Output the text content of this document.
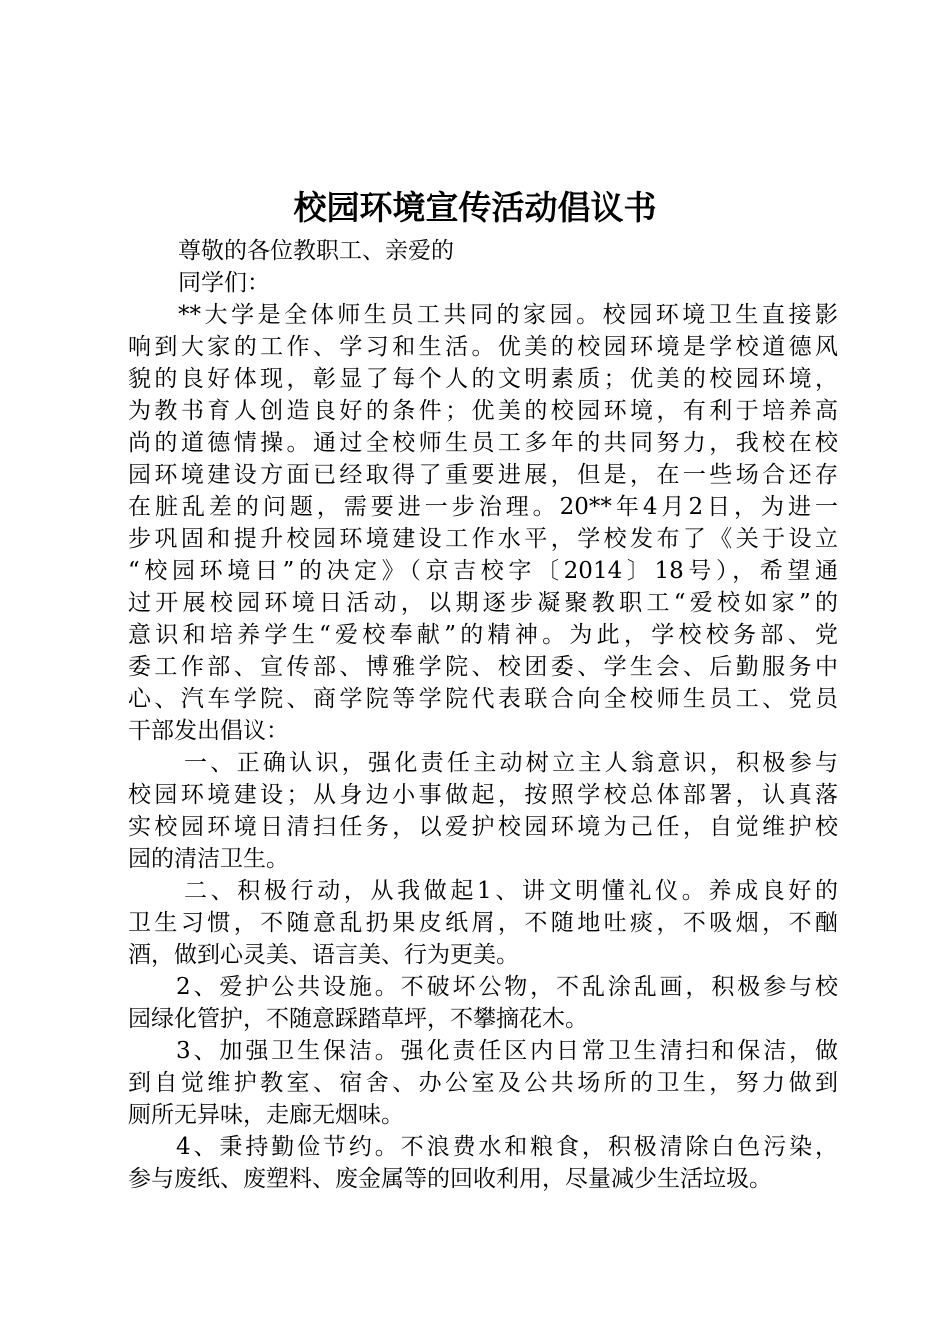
校园环境宣传活动倡议书
尊敬的各位教职工、亲爱的
同学们：
**大学是全体师生员工共同的家园。校园环境卫生直接影
响到大家的工作、学习和生活。优美的校园环境是学校道德风
貌的良好体现，彰显了每个人的文明素质；优美的校园环境，
为教书育人创造良好的条件；优美的校园环境，有利于培养高
尚的道德情操。通过全校师生员工多年的共同努力，我校在校
园环境建设方面已经取得了重要进展，但是，在一些场合还存
在脏乱差的问题，需要进一步治理。20**年4月2日，为进一
步巩固和提升校园环境建设工作水平，学校发布了《关于设立
“校园环境日”的决定》（京吉校字〔2014〕18号），希望通
过开展校园环境日活动，以期逐步凝聚教职工“爱校如家”的
意识和培养学生“爱校奉献”的精神。为此，学校校务部、党
委工作部、宣传部、博雅学院、校团委、学生会、后勤服务中
心、汽车学院、商学院等学院代表联合向全校师生员工、党员
干部发出倡议：
一、正确认识，强化责任主动树立主人翁意识，积极参与
校园环境建设；从身边小事做起，按照学校总体部署，认真落
实校园环境日清扫任务，以爱护校园环境为己任，自觉维护校
园的清洁卫生。
二、积极行动，从我做起1、讲文明懂礼仪。养成良好的
卫生习惯，不随意乱扔果皮纸屑，不随地吐痰，不吸烟，不酗
酒，做到心灵美、语言美、行为更美。
2、爱护公共设施。不破坏公物，不乱涂乱画，积极参与校
园绿化管护，不随意踩踏草坪，不攀摘花木。
3、加强卫生保洁。强化责任区内日常卫生清扫和保洁，做
到自觉维护教室、宿舍、办公室及公共场所的卫生，努力做到
厕所无异味，走廊无烟味。
4、秉持勤俭节约。不浪费水和粮食，积极清除白色污染，
参与废纸、废塑料、废金属等的回收利用，尽量减少生活垃圾。
